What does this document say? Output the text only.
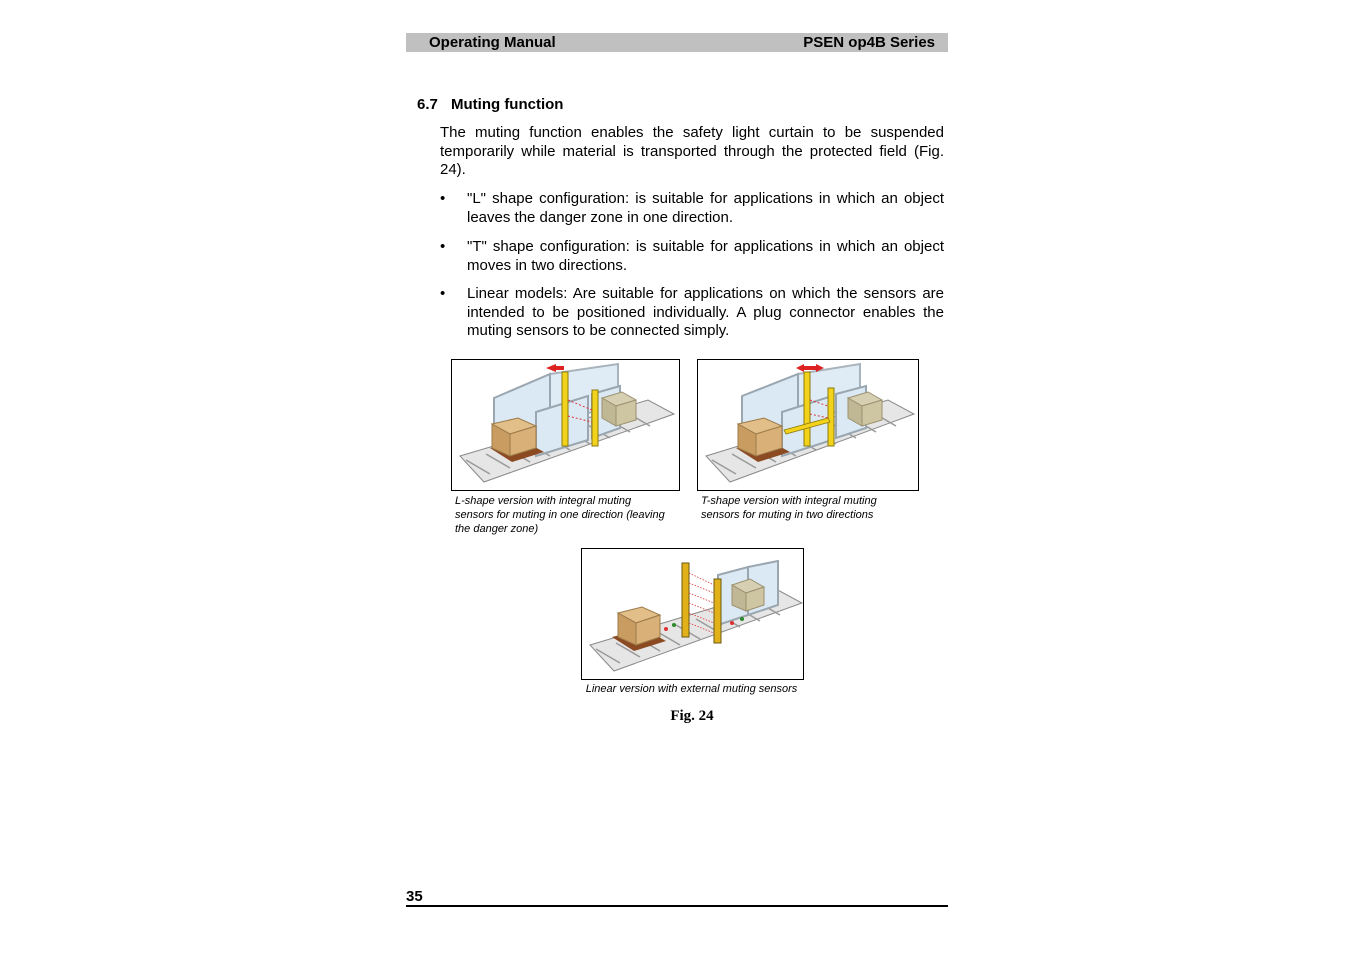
Operating Manual	PSEN op4B Series
6.7 Muting function
The muting function enables the safety light curtain to be suspended temporarily while material is transported through the protected field (Fig. 24).
•	"L" shape configuration: is suitable for applications in which an object leaves the danger zone in one direction.
•	"T" shape configuration: is suitable for applications in which an object moves in two directions.
•	Linear models: Are suitable for applications on which the sensors are intended to be positioned individually. A plug connector enables the muting sensors to be connected simply.
L-shape version with integral muting sensors for muting in one direction (leaving the danger zone)
T-shape version with integral muting sensors for muting in two directions
Linear version with external muting sensors
Fig. 24
35
